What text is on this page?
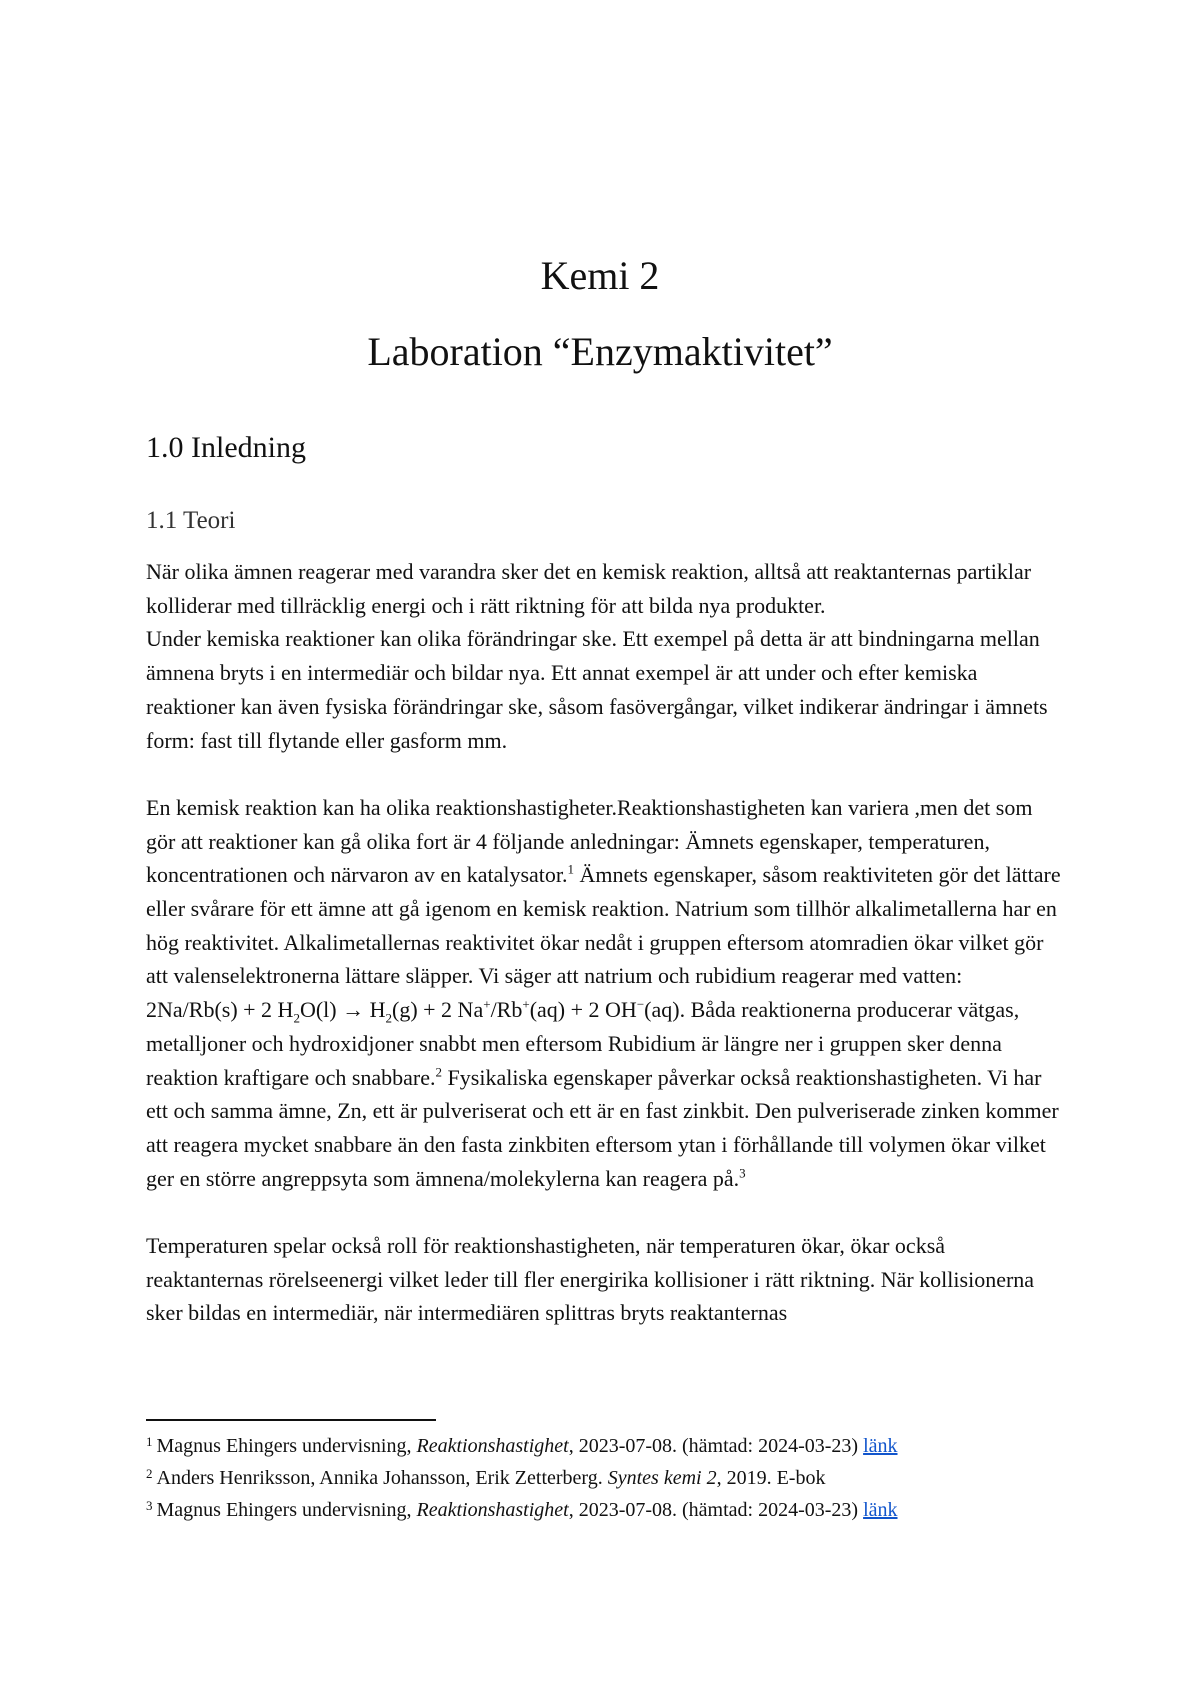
Kemi 2
Laboration “Enzymaktivitet”
1.0 Inledning
1.1 Teori

När olika ämnen reagerar med varandra sker det en kemisk reaktion, alltså att reaktanternas partiklar kolliderar med tillräcklig energi och i rätt riktning för att bilda nya produkter.
Under kemiska reaktioner kan olika förändringar ske. Ett exempel på detta är att bindningarna mellan ämnena bryts i en intermediär och bildar nya. Ett annat exempel är att under och efter kemiska reaktioner kan även fysiska förändringar ske, såsom fasövergångar, vilket indikerar ändringar i ämnets form: fast till flytande eller gasform mm.

En kemisk reaktion kan ha olika reaktionshastigheter.Reaktionshastigheten kan variera ,men det som gör att reaktioner kan gå olika fort är 4 följande anledningar: Ämnets egenskaper, temperaturen, koncentrationen och närvaron av en katalysator.$^1$ Ämnets egenskaper, såsom reaktiviteten gör det lättare eller svårare för ett ämne att gå igenom en kemisk reaktion. Natrium som tillhör alkalimetallerna har en hög reaktivitet. Alkalimetallernas reaktivitet ökar nedåt i gruppen eftersom atomradien ökar vilket gör att valenselektronerna lättare släpper. Vi säger att natrium och rubidium reagerar med vatten:
2Na/Rb(s) + 2 $H_2O(l) \to H_2(g) + 2$ Na+/Rb+(aq) + 2 OH−(aq). Båda reaktionerna producerar vätgas, metalljoner och hydroxidjoner snabbt men eftersom Rubidium är längre ner i gruppen sker denna reaktion kraftigare och snabbare.$^2$ Fysikaliska egenskaper påverkar också reaktionshastigheten. Vi har ett och samma ämne, Zn, ett är pulveriserat och ett är en fast zinkbit. Den pulveriserade zinken kommer att reagera mycket snabbare än den fasta zinkbiten eftersom ytan i förhållande till volymen ökar vilket ger en större angreppsyta som ämnena/molekylerna kan reagera på.$^3$

Temperaturen spelar också roll för reaktionshastigheten, när temperaturen ökar, ökar också reaktanternas rörelseenergi vilket leder till fler energirika kollisioner i rätt riktning. När kollisionerna sker bildas en intermediär, när intermediären splittras bryts reaktanternas

$^1$ Magnus Ehingers undervisning, Reaktionshastighet, 2023-07-08. (hämtad: 2024-03-23) länk

$^2$ Anders Henriksson, Annika Johansson, Erik Zetterberg. Syntes kemi 2, 2019. E-bok

$^3$ Magnus Ehingers undervisning, Reaktionshastighet, 2023-07-08. (hämtad: 2024-03-23) länk
